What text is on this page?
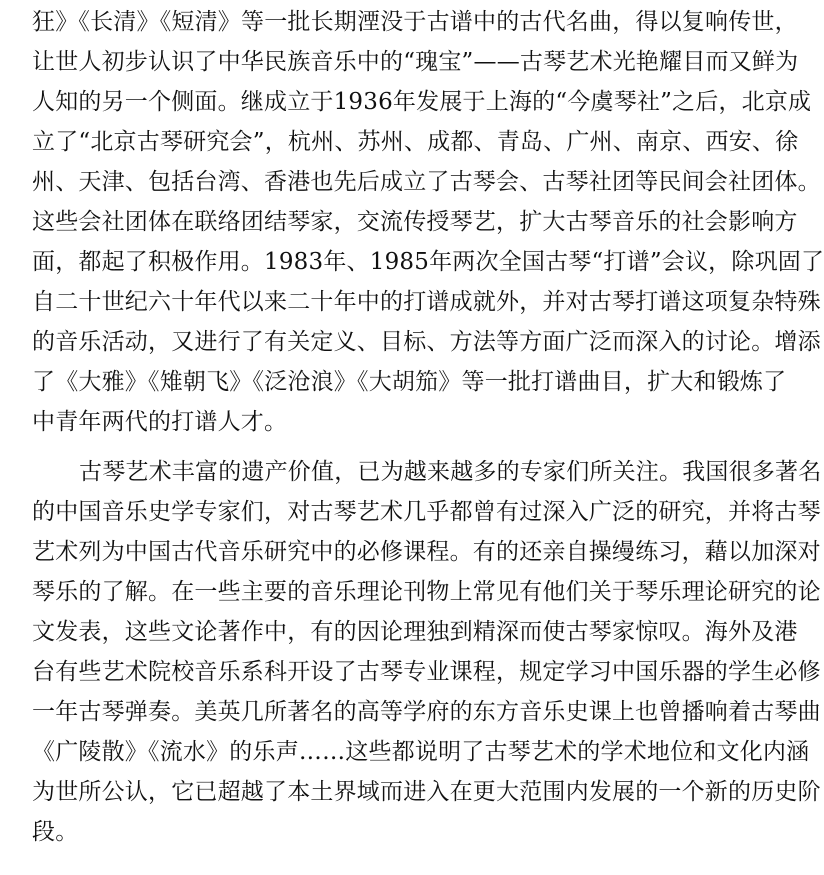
狂》《长清》《短清》等一批长期湮没于古谱中的古代名曲，得以复响传世，
让世人初步认识了中华民族音乐中的“瑰宝”——古琴艺术光艳耀目而又鲜为
人知的另一个侧面。继成立于1936年发展于上海的“今虞琴社”之后，北京成
立了“北京古琴研究会”，杭州、苏州、成都、青岛、广州、南京、西安、徐
州、天津、包括台湾、香港也先后成立了古琴会、古琴社团等民间会社团体。
这些会社团体在联络团结琴家，交流传授琴艺，扩大古琴音乐的社会影响方
面，都起了积极作用。1983年、1985年两次全国古琴“打谱”会议，除巩固了
自二十世纪六十年代以来二十年中的打谱成就外，并对古琴打谱这项复杂特殊
的音乐活动，又进行了有关定义、目标、方法等方面广泛而深入的讨论。增添
了《大雅》《雉朝飞》《泛沧浪》《大胡笳》等一批打谱曲目，扩大和锻炼了
中青年两代的打谱人才。
古琴艺术丰富的遗产价值，已为越来越多的专家们所关注。我国很多著名
的中国音乐史学专家们，对古琴艺术几乎都曾有过深入广泛的研究，并将古琴
艺术列为中国古代音乐研究中的必修课程。有的还亲自操缦练习，藉以加深对
琴乐的了解。在一些主要的音乐理论刊物上常见有他们关于琴乐理论研究的论
文发表，这些文论著作中，有的因论理独到精深而使古琴家惊叹。海外及港
台有些艺术院校音乐系科开设了古琴专业课程，规定学习中国乐器的学生必修
一年古琴弹奏。美英几所著名的高等学府的东方音乐史课上也曾播响着古琴曲
《广陵散》《流水》的乐声……这些都说明了古琴艺术的学术地位和文化内涵
为世所公认，它已超越了本土界域而进入在更大范围内发展的一个新的历史阶
段。
